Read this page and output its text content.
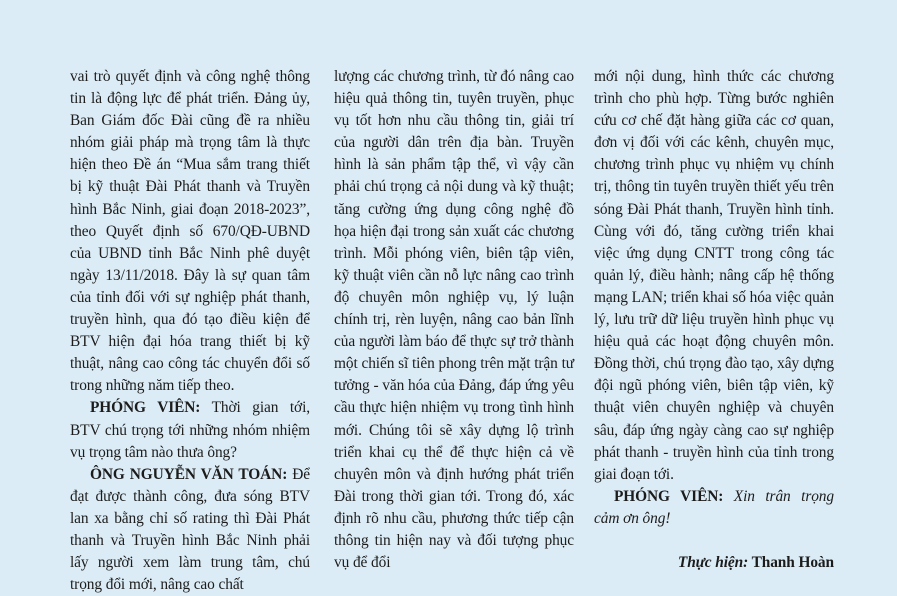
vai trò quyết định và công nghệ thông tin là động lực để phát triển. Đảng ủy, Ban Giám đốc Đài cũng đề ra nhiều nhóm giải pháp mà trọng tâm là thực hiện theo Đề án “Mua sắm trang thiết bị kỹ thuật Đài Phát thanh và Truyền hình Bắc Ninh, giai đoạn 2018-2023”, theo Quyết định số 670/QĐ-UBND của UBND tỉnh Bắc Ninh phê duyệt ngày 13/11/2018. Đây là sự quan tâm của tỉnh đối với sự nghiệp phát thanh, truyền hình, qua đó tạo điều kiện để BTV hiện đại hóa trang thiết bị kỹ thuật, nâng cao công tác chuyển đổi số trong những năm tiếp theo.

PHÓNG VIÊN: Thời gian tới, BTV chú trọng tới những nhóm nhiệm vụ trọng tâm nào thưa ông?

ÔNG NGUYỄN VĂN TOÁN: Để đạt được thành công, đưa sóng BTV lan xa bằng chỉ số rating thì Đài Phát thanh và Truyền hình Bắc Ninh phải lấy người xem làm trung tâm, chú trọng đổi mới, nâng cao chất

lượng các chương trình, từ đó nâng cao hiệu quả thông tin, tuyên truyền, phục vụ tốt hơn nhu cầu thông tin, giải trí của người dân trên địa bàn. Truyền hình là sản phẩm tập thể, vì vậy cần phải chú trọng cả nội dung và kỹ thuật; tăng cường ứng dụng công nghệ đồ họa hiện đại trong sản xuất các chương trình. Mỗi phóng viên, biên tập viên, kỹ thuật viên cần nỗ lực nâng cao trình độ chuyên môn nghiệp vụ, lý luận chính trị, rèn luyện, nâng cao bản lĩnh của người làm báo để thực sự trở thành một chiến sĩ tiên phong trên mặt trận tư tưởng - văn hóa của Đảng, đáp ứng yêu cầu thực hiện nhiệm vụ trong tình hình mới. Chúng tôi sẽ xây dựng lộ trình triển khai cụ thể để thực hiện cả về chuyên môn và định hướng phát triển Đài trong thời gian tới. Trong đó, xác định rõ nhu cầu, phương thức tiếp cận thông tin hiện nay và đối tượng phục vụ để đổi

mới nội dung, hình thức các chương trình cho phù hợp. Từng bước nghiên cứu cơ chế đặt hàng giữa các cơ quan, đơn vị đối với các kênh, chuyên mục, chương trình phục vụ nhiệm vụ chính trị, thông tin tuyên truyền thiết yếu trên sóng Đài Phát thanh, Truyền hình tỉnh. Cùng với đó, tăng cường triển khai việc ứng dụng CNTT trong công tác quản lý, điều hành; nâng cấp hệ thống mạng LAN; triển khai số hóa việc quản lý, lưu trữ dữ liệu truyền hình phục vụ hiệu quả các hoạt động chuyên môn. Đồng thời, chú trọng đào tạo, xây dựng đội ngũ phóng viên, biên tập viên, kỹ thuật viên chuyên nghiệp và chuyên sâu, đáp ứng ngày càng cao sự nghiệp phát thanh - truyền hình của tỉnh trong giai đoạn tới.

PHÓNG VIÊN: Xin trân trọng cảm ơn ông!

Thực hiện: Thanh Hoàn
